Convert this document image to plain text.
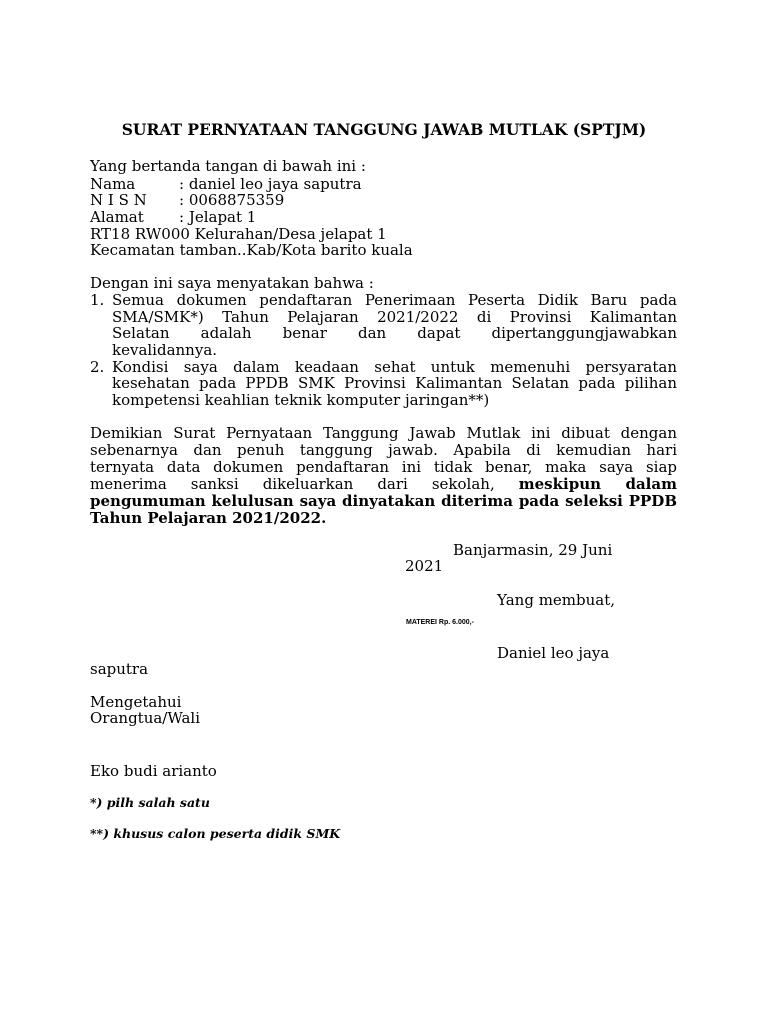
SURAT PERNYATAAN TANGGUNG JAWAB MUTLAK (SPTJM)
Yang bertanda tangan di bawah ini :
Nama	: daniel leo jaya saputra
N I S N : 0068875359
Alamat : Jelapat 1
RT18 RW000 Kelurahan/Desa jelapat 1
Kecamatan tamban..Kab/Kota barito kuala
Dengan ini saya menyatakan bahwa :
1. Semua dokumen pendaftaran Penerimaan Peserta Didik Baru pada
SMA/SMK*) Tahun Pelajaran 2021/2022 di Provinsi Kalimantan
Selatan adalah benar dan dapat dipertanggungjawabkan
kevalidannya.
2. Kondisi saya dalam keadaan sehat untuk memenuhi persyaratan
kesehatan pada PPDB SMK Provinsi Kalimantan Selatan pada pilihan
kompetensi keahlian teknik komputer jaringan**)
Demikian Surat Pernyataan Tanggung Jawab Mutlak ini dibuat dengan
sebenarnya dan penuh tanggung jawab. Apabila di kemudian hari
ternyata data dokumen pendaftaran ini tidak benar, maka saya siap
menerima sanksi dikeluarkan dari sekolah, meskipun dalam
pengumuman kelulusan saya dinyatakan diterima pada seleksi PPDB
Tahun Pelajaran 2021/2022.
Banjarmasin, 29 Juni
2021
Yang membuat,
MATEREI Rp. 6.000,-
Daniel leo jaya
saputra
Mengetahui
Orangtua/Wali
Eko budi arianto
*) pilh salah satu
**) khusus calon peserta didik SMK
